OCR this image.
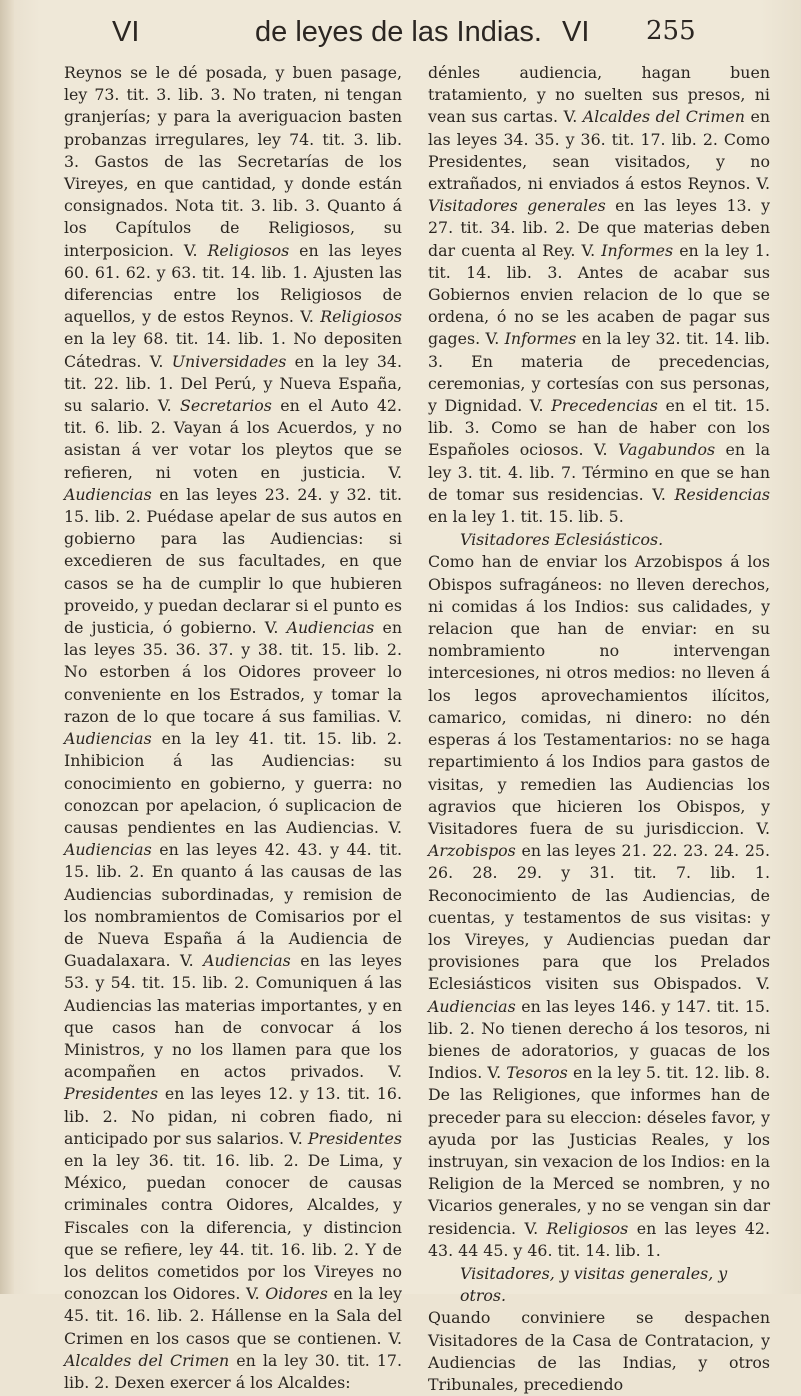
VI	de leyes de las Indias. VI 255

Reynos se le dé posada, y buen pasage, ley 73. tit. 3. lib. 3. No traten, ni tengan granjerías; y para la averiguacion basten probanzas irregulares, ley 74. tit. 3. lib. 3. Gastos de las Secretarías de los Vireyes, en que cantidad, y donde están consignados. Nota tit. 3. lib. 3. Quanto á los Capítulos de Religiosos, su interposicion. V. Religiosos en las leyes 60. 61. 62. y 63. tit. 14. lib. 1. Ajusten las diferencias entre los Religiosos de aquellos, y de estos Reynos. V. Religiosos en la ley 68. tit. 14. lib. 1. No depositen Cátedras. V. Universidades en la ley 34. tit. 22. lib. 1. Del Perú, y Nueva España, su salario. V. Secretarios en el Auto 42. tit. 6. lib. 2. Vayan á los Acuerdos, y no asistan á ver votar los pleytos que se refieren, ni voten en justicia. V. Audiencias en las leyes 23. 24. y 32. tit. 15. lib. 2. Puédase apelar de sus autos en gobierno para las Audiencias: si excedieren de sus facultades, en que casos se ha de cumplir lo que hubieren proveido, y puedan declarar si el punto es de justicia, ó gobierno. V. Audiencias en las leyes 35. 36. 37. y 38. tit. 15. lib. 2. No estorben á los Oidores proveer lo conveniente en los Estrados, y tomar la razon de lo que tocare á sus familias. V. Audiencias en la ley 41. tit. 15. lib. 2. Inhibicion á las Audiencias: su conocimiento en gobierno, y guerra: no conozcan por apelacion, ó suplicacion de causas pendientes en las Audiencias. V. Audiencias en las leyes 42. 43. y 44. tit. 15. lib. 2. En quanto á las causas de las Audiencias subordinadas, y remision de los nombramientos de Comisarios por el de Nueva España á la Audiencia de Guadalaxara. V. Audiencias en las leyes 53. y 54. tit. 15. lib. 2. Comuniquen á las Audiencias las materias importantes, y en que casos han de convocar á los Ministros, y no los llamen para que los acompañen en actos privados. V. Presidentes en las leyes 12. y 13. tit. 16. lib. 2. No pidan, ni cobren fiado, ni anticipado por sus salarios. V. Presidentes en la ley 36. tit. 16. lib. 2. De Lima, y México, puedan conocer de causas criminales contra Oidores, Alcaldes, y Fiscales con la diferencia, y distincion que se refiere, ley 44. tit. 16. lib. 2. Y de los delitos cometidos por los Vireyes no conozcan los Oidores. V. Oidores en la ley 45. tit. 16. lib. 2. Hállense en la Sala del Crimen en los casos que se contienen. V. Alcaldes del Crimen en la ley 30. tit. 17. lib. 2. Dexen exercer á los Alcaldes:

dénles audiencia, hagan buen tratamiento, y no suelten sus presos, ni vean sus cartas. V. Alcaldes del Crimen en las leyes 34. 35. y 36. tit. 17. lib. 2. Como Presidentes, sean visitados, y no extrañados, ni enviados á estos Reynos. V. Visitadores generales en las leyes 13. y 27. tit. 34. lib. 2. De que materias deben dar cuenta al Rey. V. Informes en la ley 1. tit. 14. lib. 3. Antes de acabar sus Gobiernos envien relacion de lo que se ordena, ó no se les acaben de pagar sus gages. V. Informes en la ley 32. tit. 14. lib. 3. En materia de precedencias, ceremonias, y cortesías con sus personas, y Dignidad. V. Precedencias en el tit. 15. lib. 3. Como se han de haber con los Españoles ociosos. V. Vagabundos en la ley 3. tit. 4. lib. 7. Término en que se han de tomar sus residencias. V. Residencias en la ley 1. tit. 15. lib. 5.

Visitadores Eclesiásticos.

Como han de enviar los Arzobispos á los Obispos sufragáneos: no lleven derechos, ni comidas á los Indios: sus calidades, y relacion que han de enviar: en su nombramiento no intervengan intercesiones, ni otros medios: no lleven á los legos aprovechamientos ilícitos, camarico, comidas, ni dinero: no dén esperas á los Testamentarios: no se haga repartimiento á los Indios para gastos de visitas, y remedien las Audiencias los agravios que hicieren los Obispos, y Visitadores fuera de su jurisdiccion. V. Arzobispos en las leyes 21. 22. 23. 24. 25. 26. 28. 29. y 31. tit. 7. lib. 1. Reconocimiento de las Audiencias, de cuentas, y testamentos de sus visitas: y los Vireyes, y Audiencias puedan dar provisiones para que los Prelados Eclesiásticos visiten sus Obispados. V. Audiencias en las leyes 146. y 147. tit. 15. lib. 2. No tienen derecho á los tesoros, ni bienes de adoratorios, y guacas de los Indios. V. Tesoros en la ley 5. tit. 12. lib. 8. De las Religiones, que informes han de preceder para su eleccion: déseles favor, y ayuda por las Justicias Reales, y los instruyan, sin vexacion de los Indios: en la Religion de la Merced se nombren, y no Vicarios generales, y no se vengan sin dar residencia. V. Religiosos en las leyes 42. 43. 44 45. y 46. tit. 14. lib. 1.

Visitadores, y visitas generales, y otros.

Quando conviniere se despachen Visitadores de la Casa de Contratacion, y Audiencias de las Indias, y otros Tribunales, precediendo
